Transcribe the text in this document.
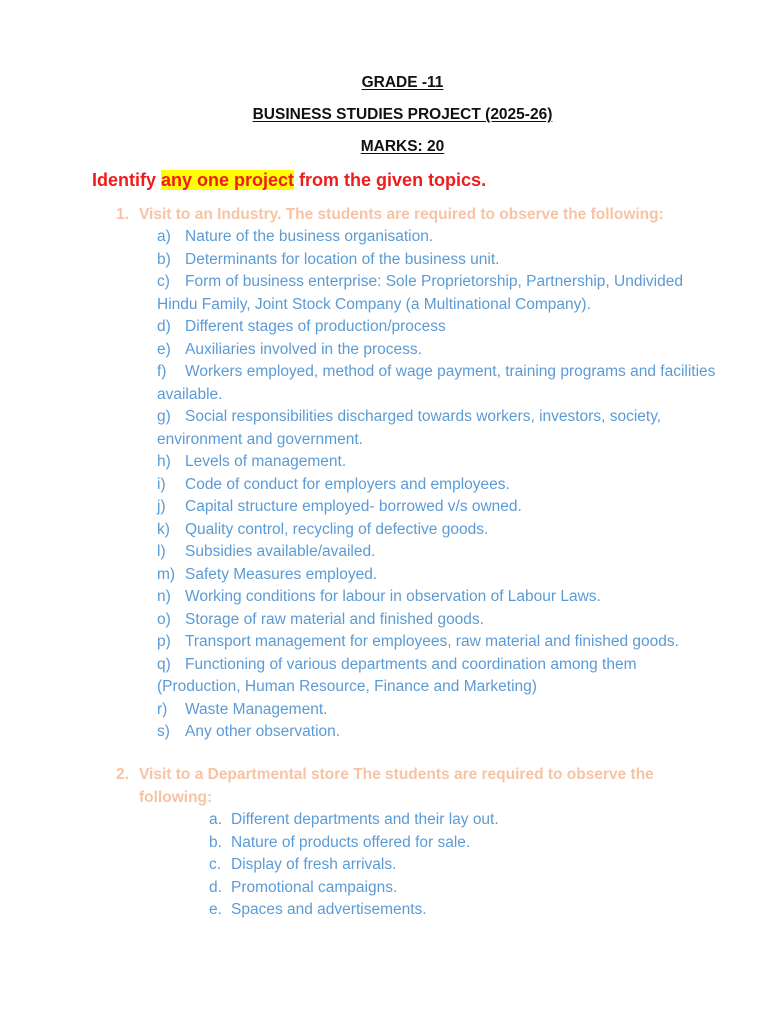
GRADE -11
BUSINESS STUDIES PROJECT (2025-26)
MARKS: 20
Identify any one project from the given topics.
1. Visit to an Industry. The students are required to observe the following:
a) Nature of the business organisation.
b) Determinants for location of the business unit.
c) Form of business enterprise: Sole Proprietorship, Partnership, Undivided Hindu Family, Joint Stock Company (a Multinational Company).
d) Different stages of production/process
e) Auxiliaries involved in the process.
f) Workers employed, method of wage payment, training programs and facilities available.
g) Social responsibilities discharged towards workers, investors, society, environment and government.
h) Levels of management.
i) Code of conduct for employers and employees.
j) Capital structure employed- borrowed v/s owned.
k) Quality control, recycling of defective goods.
l) Subsidies available/availed.
m) Safety Measures employed.
n) Working conditions for labour in observation of Labour Laws.
o) Storage of raw material and finished goods.
p) Transport management for employees, raw material and finished goods.
q) Functioning of various departments and coordination among them (Production, Human Resource, Finance and Marketing)
r) Waste Management.
s) Any other observation.
2. Visit to a Departmental store The students are required to observe the following:
a. Different departments and their lay out.
b. Nature of products offered for sale.
c. Display of fresh arrivals.
d. Promotional campaigns.
e. Spaces and advertisements.
